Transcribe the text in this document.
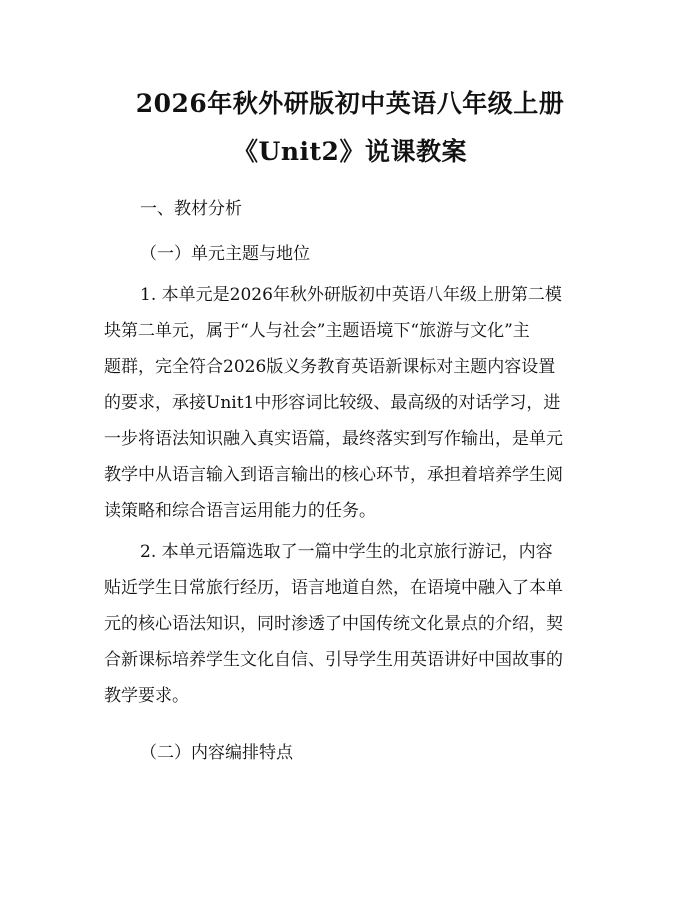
2026年秋外研版初中英语八年级上册
《Unit2》说课教案
一、教材分析
（一）单元主题与地位
1. 本单元是2026年秋外研版初中英语八年级上册第二模
块第二单元，属于“人与社会”主题语境下“旅游与文化”主
题群，完全符合2026版义务教育英语新课标对主题内容设置
的要求，承接Unit1中形容词比较级、最高级的对话学习，进
一步将语法知识融入真实语篇，最终落实到写作输出，是单元
教学中从语言输入到语言输出的核心环节，承担着培养学生阅
读策略和综合语言运用能力的任务。
2. 本单元语篇选取了一篇中学生的北京旅行游记，内容
贴近学生日常旅行经历，语言地道自然，在语境中融入了本单
元的核心语法知识，同时渗透了中国传统文化景点的介绍，契
合新课标培养学生文化自信、引导学生用英语讲好中国故事的
教学要求。
（二）内容编排特点
